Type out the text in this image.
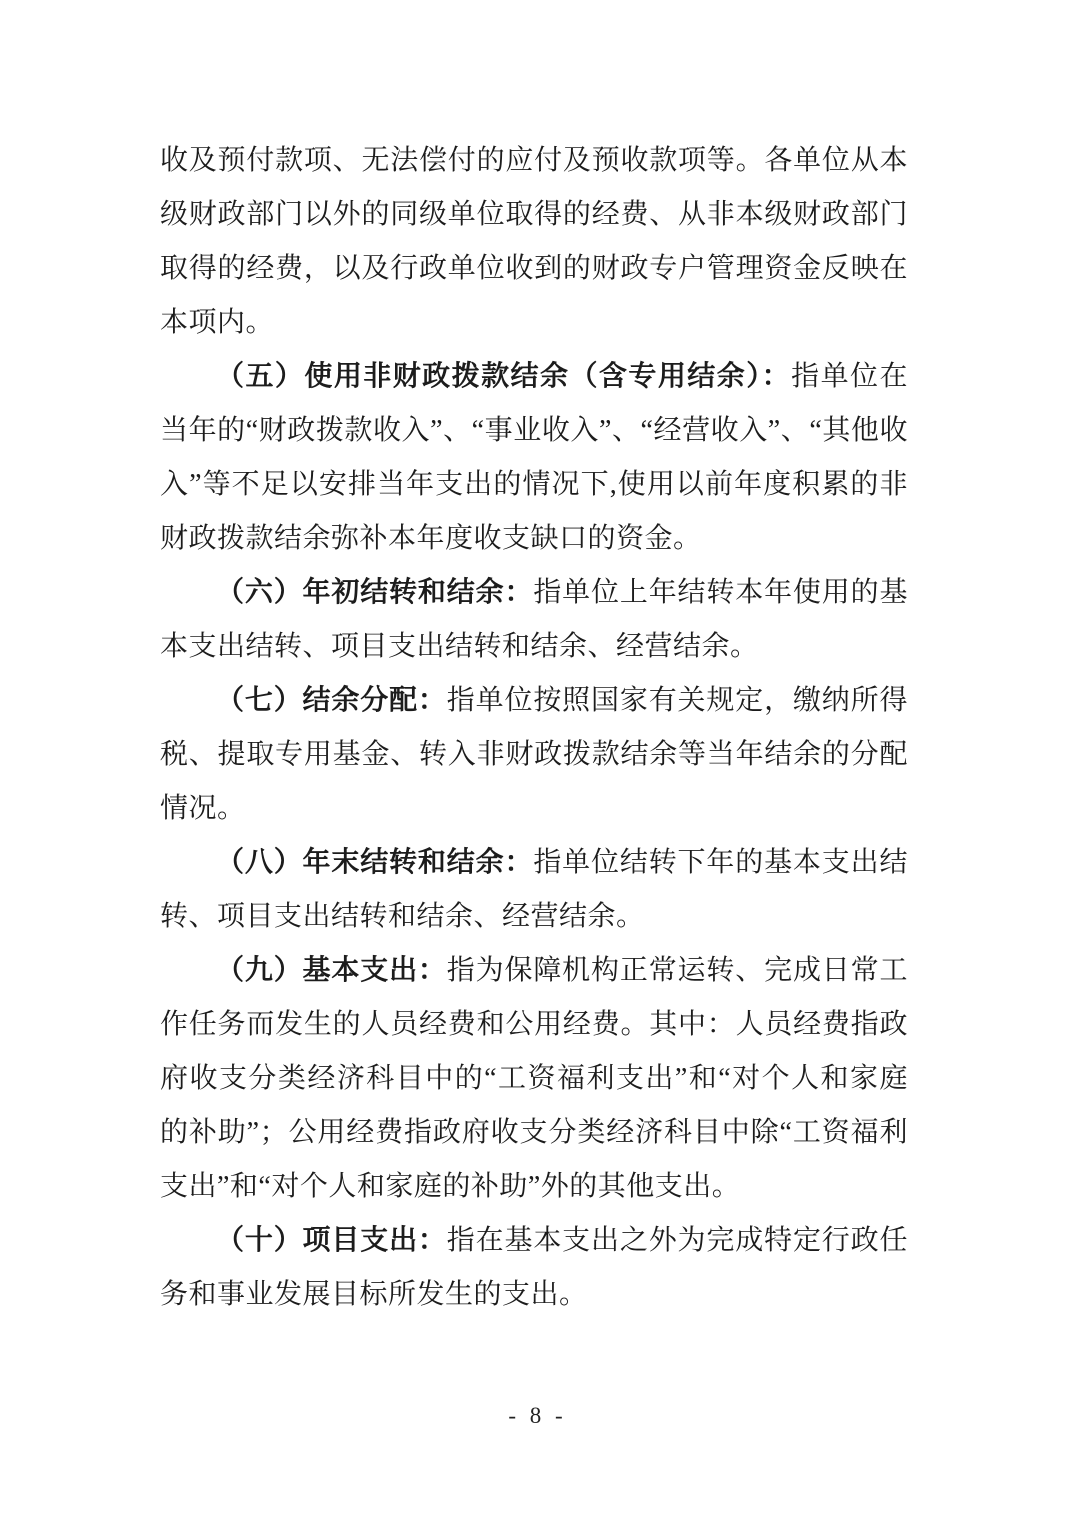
收及预付款项、无法偿付的应付及预收款项等。各单位从本级财政部门以外的同级单位取得的经费、从非本级财政部门取得的经费，以及行政单位收到的财政专户管理资金反映在本项内。

（五）使用非财政拨款结余（含专用结余）：指单位在当年的“财政拨款收入”、“事业收入”、“经营收入”、“其他收入”等不足以安排当年支出的情况下,使用以前年度积累的非财政拨款结余弥补本年度收支缺口的资金。

（六）年初结转和结余：指单位上年结转本年使用的基本支出结转、项目支出结转和结余、经营结余。

（七）结余分配：指单位按照国家有关规定，缴纳所得税、提取专用基金、转入非财政拨款结余等当年结余的分配情况。

（八）年末结转和结余：指单位结转下年的基本支出结转、项目支出结转和结余、经营结余。

（九）基本支出：指为保障机构正常运转、完成日常工作任务而发生的人员经费和公用经费。其中：人员经费指政府收支分类经济科目中的“工资福利支出”和“对个人和家庭的补助”；公用经费指政府收支分类经济科目中除“工资福利支出”和“对个人和家庭的补助”外的其他支出。

（十）项目支出：指在基本支出之外为完成特定行政任务和事业发展目标所发生的支出。

- 8 -
